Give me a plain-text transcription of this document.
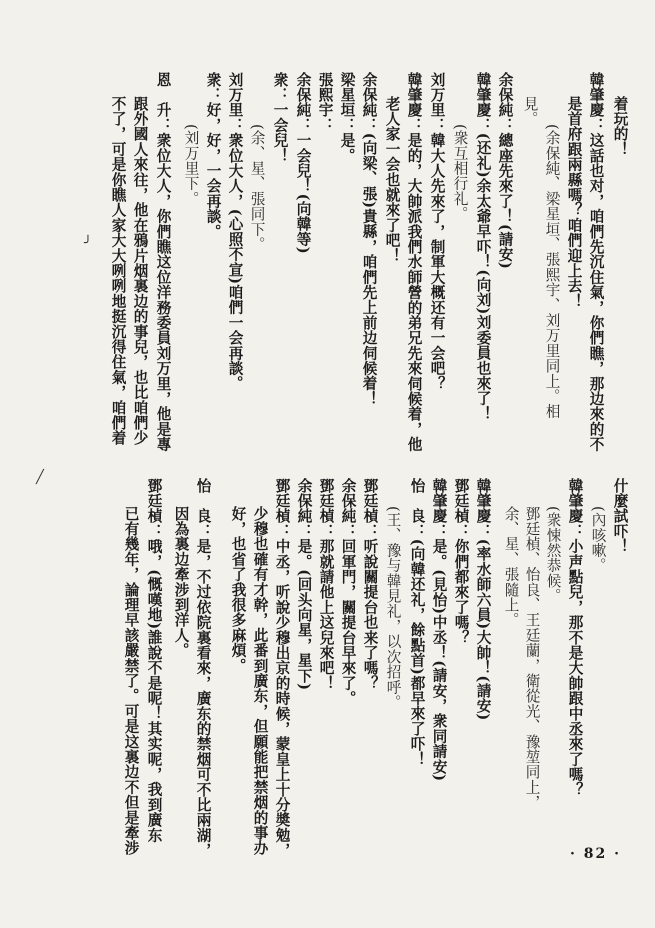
什麼試吓！
(內咳嗽。
韓肇慶：小声點兒，那不是大帥跟中丞來了嗎？
(衆悚然恭候。
鄧廷楨、怡良、王廷蘭，衛從光、豫堃同上，
余、星、張隨上。
韓肇慶：(率水師六員)大帥！(請安)
鄧廷楨：你們都來了嗎？
韓肇慶：是。(見怡)中丞！(請安，衆同請安)
怡　良：(向韓还礼，餘點首)都早來了吓！
(王、豫与韓見礼，以次招呼。
鄧廷楨：听說關提台也来了嗎？
余保純：回軍門，關提台早來了。
鄧廷楨：那就請他上这兒來吧！
余保純：是。(回头向星，星下)
鄧廷楨：中丞，听說少穆出京的時候，蒙皇上十分奬勉，
少穆也確有才幹，此番到廣东，但願能把禁烟的事办
好，也省了我很多麻煩。
怡　良：是，不过依院裏看來，廣东的禁烟可不比兩湖，
因為裏边牽涉到洋人。
鄧廷楨：哦，(慨嘆地)誰說不是呢！其实呢，我到廣东
已有幾年，論理早該嚴禁了。可是这裏边不但是牽涉
着玩的！
韓肇慶：这話也对，咱們先沉住氣，你們瞧，那边來的不
是首府跟兩縣嗎？咱們迎上去！
(余保純、梁星垣、張熙宇、刘万里同上。相
見。
余保純：總座先來了！(請安)
韓肇慶：(还礼)余太爺早吓！(向刘)刘委員也來了！
(衆互相行礼。
刘万里：韓大人先來了，制軍大概还有一会吧？
韓肇慶：是的，大帥派我們水師營的弟兄先來伺候着，他
老人家一会也就來了吧！
余保純：(向梁、張)貴縣，咱們先上前边伺候着！
梁星垣：是。
張熙宇：
余保純：一会兒！(向韓等)
衆：一会兒！
(余、星、張同下。
刘万里：衆位大人，(心照不宣)咱們一会再談。
衆：好，好，一会再談。
(刘万里下。
恩　升：衆位大人，你們瞧这位洋務委員刘万里，他是專
跟外國人來往，他在鴉片烟裏边的事兒，也比咱們少
不了，可是你瞧人家大大咧咧地挺沉得住氣，咱們着
╯
╱
· 82 ·
